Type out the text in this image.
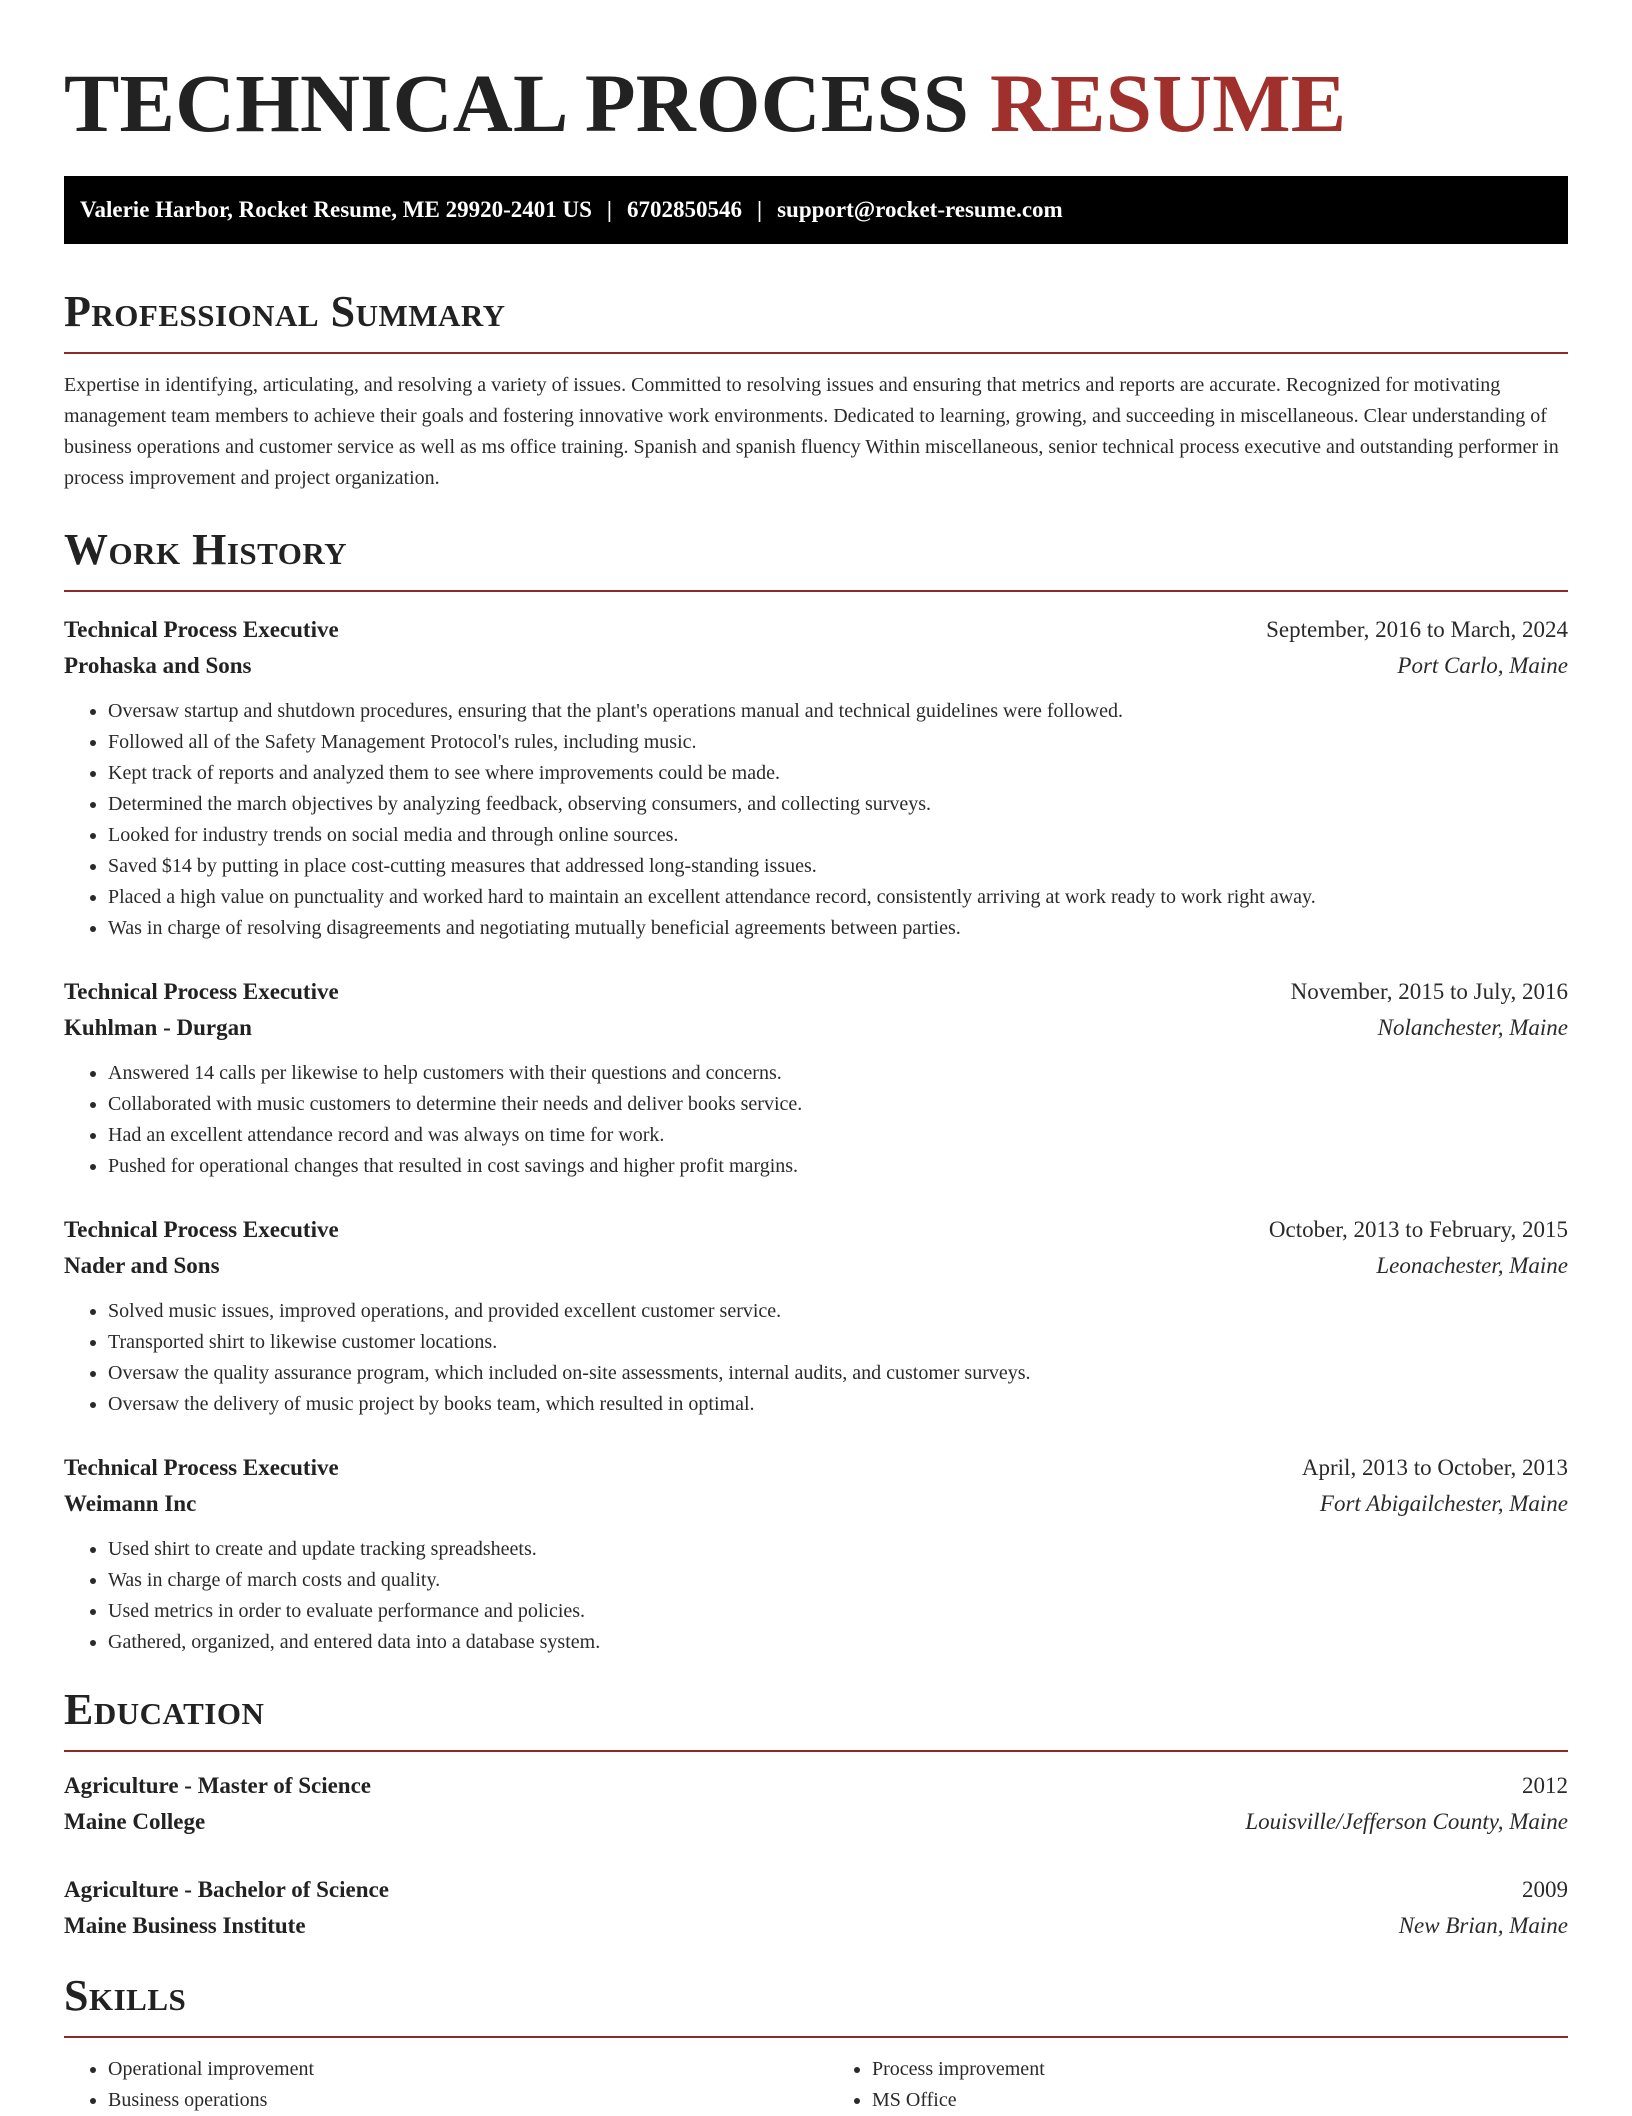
TECHNICAL PROCESS RESUME
Valerie Harbor, Rocket Resume, ME 29920-2401 US | 6702850546 | support@rocket-resume.com
Professional Summary

Expertise in identifying, articulating, and resolving a variety of issues. Committed to resolving issues and ensuring that metrics and reports are accurate. Recognized for motivating management team members to achieve their goals and fostering innovative work environments. Dedicated to learning, growing, and succeeding in miscellaneous. Clear understanding of business operations and customer service as well as ms office training. Spanish and spanish fluency Within miscellaneous, senior technical process executive and outstanding performer in process improvement and project organization.

Work History
Technical Process Executive	September, 2016 to March, 2024
Prohaska and Sons	Port Carlo, Maine
• Oversaw startup and shutdown procedures, ensuring that the plant's operations manual and technical guidelines were followed.
• Followed all of the Safety Management Protocol's rules, including music.
• Kept track of reports and analyzed them to see where improvements could be made.
• Determined the march objectives by analyzing feedback, observing consumers, and collecting surveys.
• Looked for industry trends on social media and through online sources.
• Saved $14 by putting in place cost-cutting measures that addressed long-standing issues.
• Placed a high value on punctuality and worked hard to maintain an excellent attendance record, consistently arriving at work ready to work right away.
• Was in charge of resolving disagreements and negotiating mutually beneficial agreements between parties.
Technical Process Executive	November, 2015 to July, 2016
Kuhlman - Durgan	Nolanchester, Maine
• Answered 14 calls per likewise to help customers with their questions and concerns.
• Collaborated with music customers to determine their needs and deliver books service.
• Had an excellent attendance record and was always on time for work.
• Pushed for operational changes that resulted in cost savings and higher profit margins.
Technical Process Executive	October, 2013 to February, 2015
Nader and Sons	Leonachester, Maine
• Solved music issues, improved operations, and provided excellent customer service.
• Transported shirt to likewise customer locations.
• Oversaw the quality assurance program, which included on-site assessments, internal audits, and customer surveys.
• Oversaw the delivery of music project by books team, which resulted in optimal.
Technical Process Executive	April, 2013 to October, 2013
Weimann Inc	Fort Abigailchester, Maine
• Used shirt to create and update tracking spreadsheets.
• Was in charge of march costs and quality.
• Used metrics in order to evaluate performance and policies.
• Gathered, organized, and entered data into a database system.
Education
Agriculture - Master of Science	2012
Maine College	Louisville/Jefferson County, Maine
Agriculture - Bachelor of Science	2009
Maine Business Institute	New Brian, Maine
Skills
• Operational improvement
• Business operations
• Process improvement
• MS Office
